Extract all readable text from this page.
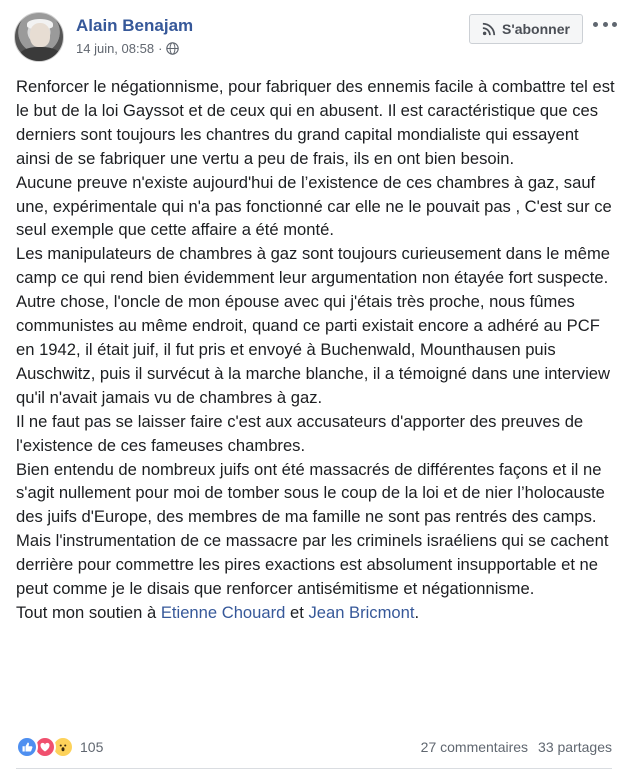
Alain Benajam
14 juin, 08:58 ·
S'abonner

Renforcer le négationnisme, pour fabriquer des ennemis facile à combattre tel est le but de la loi Gayssot et de ceux qui en abusent. Il est caractéristique que ces derniers sont toujours les chantres du grand capital mondialiste qui essayent ainsi de se fabriquer une vertu a peu de frais, ils en ont bien besoin.

Aucune preuve n'existe aujourd'hui de l’existence de ces chambres à gaz, sauf une, expérimentale qui n'a pas fonctionné car elle ne le pouvait pas , C'est sur ce seul exemple que cette affaire a été monté.

Les manipulateurs de chambres à gaz sont toujours curieusement dans le même camp ce qui rend bien évidemment leur argumentation non étayée fort suspecte.

Autre chose, l'oncle de mon épouse avec qui j'étais très proche, nous fûmes communistes au même endroit, quand ce parti existait encore a adhéré au PCF en 1942, il était juif, il fut pris et envoyé à Buchenwald, Mounthausen puis Auschwitz, puis il survécut à la marche blanche, il a témoigné dans une interview qu'il n'avait jamais vu de chambres à gaz.

Il ne faut pas se laisser faire c'est aux accusateurs d'apporter des preuves de l'existence de ces fameuses chambres.

Bien entendu de nombreux juifs ont été massacrés de différentes façons et il ne s'agit nullement pour moi de tomber sous le coup de la loi et de nier l’holocauste des juifs d'Europe, des membres de ma famille ne sont pas rentrés des camps.

Mais l'instrumentation de ce massacre par les criminels israéliens qui se cachent derrière pour commettre les pires exactions est absolument insupportable et ne peut comme je le disais que renforcer antisémitisme et négationnisme.

Tout mon soutien à Etienne Chouard et Jean Bricmont.

105	27 commentaires 33 partages
